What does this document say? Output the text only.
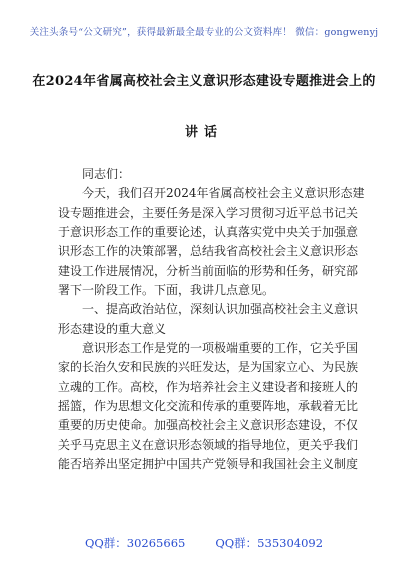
关注头条号“公文研究”，获得最新最全最专业的公文资料库！ 微信：gongwenyj
在2024年省属高校社会主义意识形态建设专题推进会上的
讲话

同志们：

今天，我们召开2024年省属高校社会主义意识形态建

设专题推进会，主要任务是深入学习贯彻习近平总书记关

于意识形态工作的重要论述，认真落实党中央关于加强意

识形态工作的决策部署，总结我省高校社会主义意识形态

建设工作进展情况，分析当前面临的形势和任务，研究部

署下一阶段工作。下面，我讲几点意见。

一、提高政治站位，深刻认识加强高校社会主义意识

形态建设的重大意义

意识形态工作是党的一项极端重要的工作，它关乎国

家的长治久安和民族的兴旺发达，是为国家立心、为民族

立魂的工作。高校，作为培养社会主义建设者和接班人的

摇篮，作为思想文化交流和传承的重要阵地，承载着无比

重要的历史使命。加强高校社会主义意识形态建设，不仅

关乎马克思主义在意识形态领域的指导地位，更关乎我们

能否培养出坚定拥护中国共产党领导和我国社会主义制度

QQ群：30265665	QQ群：535304092
